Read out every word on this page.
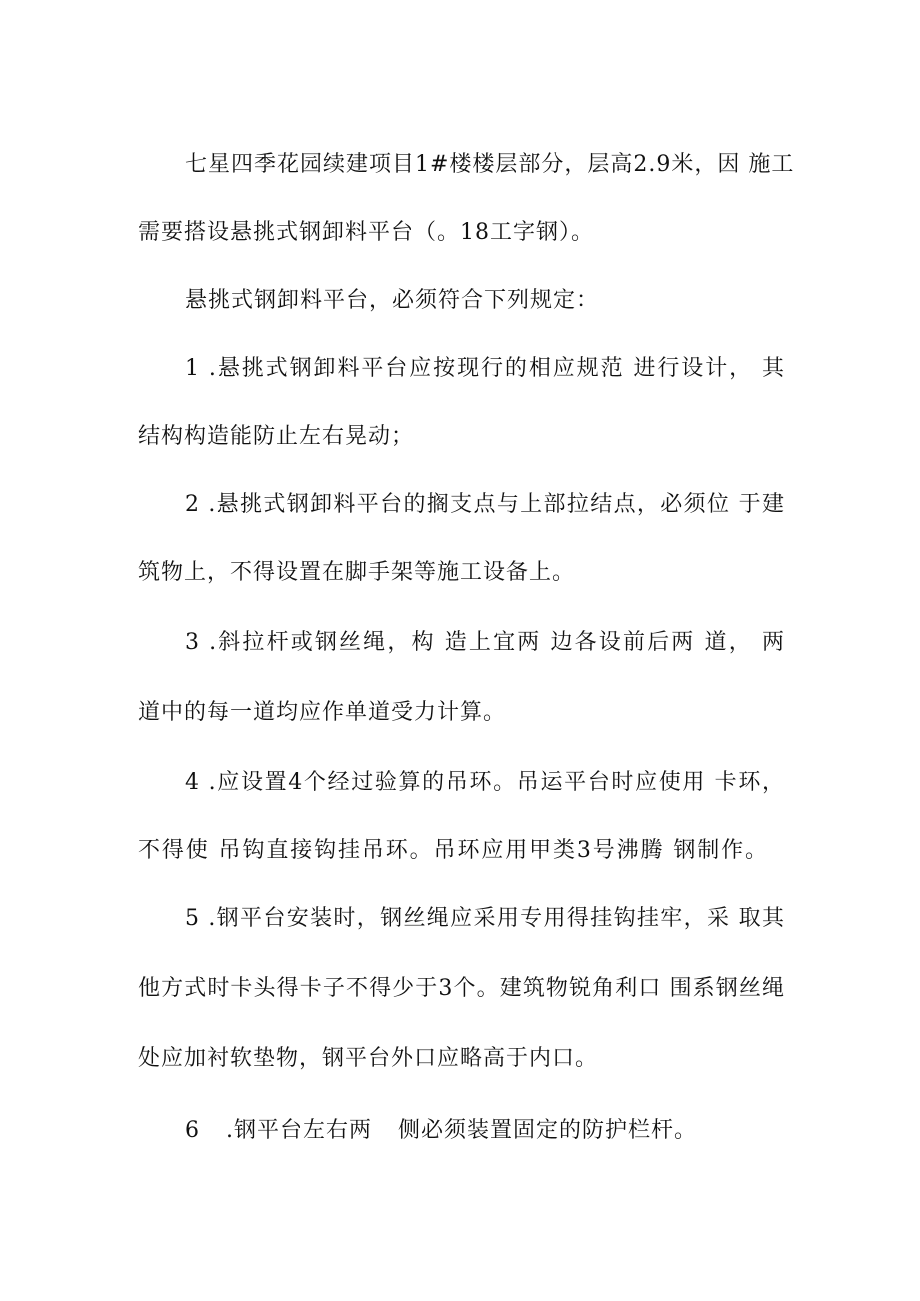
七星四季花园续建项目1#楼楼层部分，层高2.9米，因 施工
需要搭设悬挑式钢卸料平台（。18工字钢）。
悬挑式钢卸料平台，必须符合下列规定：
1 .悬挑式钢卸料平台应按现行的相应规范 进行设计， 其
结构构造能防止左右晃动；
2 .悬挑式钢卸料平台的搁支点与上部拉结点，必须位 于建
筑物上，不得设置在脚手架等施工设备上。
3 .斜拉杆或钢丝绳，构 造上宜两 边各设前后两 道， 两
道中的每一道均应作单道受力计算。
4 .应设置4个经过验算的吊环。吊运平台时应使用 卡环，
不得使 吊钩直接钩挂吊环。吊环应用甲类3号沸腾 钢制作。
5 .钢平台安装时，钢丝绳应采用专用得挂钩挂牢，采 取其
他方式时卡头得卡子不得少于3个。建筑物锐角利口 围系钢丝绳
处应加衬软垫物，钢平台外口应略高于内口。
6 .钢平台左右两 侧必须装置固定的防护栏杆。
